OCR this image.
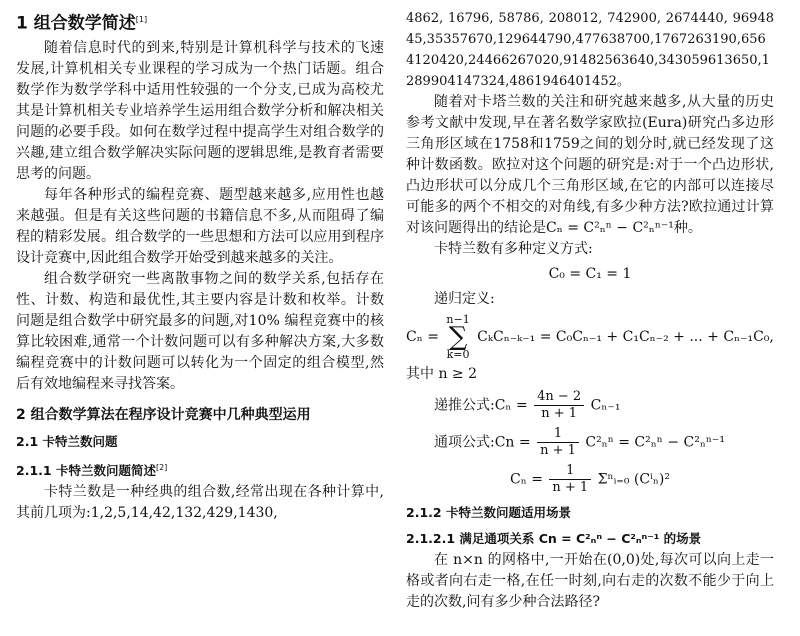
1 组合数学简述[1]

随着信息时代的到来,特别是计算机科学与技术的飞速发展,计算机相关专业课程的学习成为一个热门话题。组合数学作为数学学科中适用性较强的一个分支,已成为高校尤其是计算机相关专业培养学生运用组合数学分析和解决相关问题的必要手段。如何在数学过程中提高学生对组合数学的兴趣,建立组合数学解决实际问题的逻辑思维,是教育者需要思考的问题。

每年各种形式的编程竞赛、题型越来越多,应用性也越来越强。但是有关这些问题的书籍信息不多,从而阻碍了编程的精彩发展。组合数学的一些思想和方法可以应用到程序设计竞赛中,因此组合数学开始受到越来越多的关注。

组合数学研究一些离散事物之间的数学关系,包括存在性、计数、构造和最优性,其主要内容是计数和枚举。计数问题是组合数学中研究最多的问题,对10% 编程竞赛中的核算比较困难,通常一个计数问题可以有多种解决方案,大多数编程竞赛中的计数问题可以转化为一个固定的组合模型,然后有效地编程来寻找答案。

2 组合数学算法在程序设计竞赛中几种典型运用
2.1 卡特兰数问题
2.1.1 卡特兰数问题简述[2]

卡特兰数是一种经典的组合数,经常出现在各种计算中,其前几项为:1,2,5,14,42,132,429,1430,

4862, 16796, 58786, 208012, 742900, 2674440, 9694845,35357670,129644790,477638700,1767263190,6564120420,24466267020,91482563640,343059613650,1289904147324,4861946401452。

随着对卡塔兰数的关注和研究越来越多,从大量的历史参考文献中发现,早在著名数学家欧拉(Eura)研究凸多边形三角形区域在1758和1759之间的划分时,就已经发现了这种计数函数。欧拉对这个问题的研究是:对于一个凸边形状,凸边形状可以分成几个三角形区域,在它的内部可以连接尽可能多的两个不相交的对角线,有多少种方法?欧拉通过计算对该问题得出的结论是Cₙ = C²ₙⁿ − C²ₙⁿ⁻¹种。

卡特兰数有多种定义方式:

C₀ = C₁ = 1
递归定义:
Cₙ = n−1
∑
k=0 CₖCₙ₋ₖ₋₁ = C₀Cₙ₋₁ + C₁Cₙ₋₂ + ... + Cₙ₋₁C₀,
其中 n ≥ 2
递推公式:Cₙ = $\frac{4n - 2}{n + 1} C_{n-1}$
通项公式:Cn = $\frac{1}{n + 1} C^2_n^n = C^2_n^n - C^2_n^{n-1}$
$C_n = \frac{1}{n + 1}$ Σⁿᵢ₌₀ (Cⁱₙ)²
2.1.2 卡特兰数问题适用场景
2.1.2.1 满足通项关系 Cn = C²ₙⁿ − C²ₙⁿ⁻¹ 的场景

在 n×n 的网格中,一开始在(0,0)处,每次可以向上走一格或者向右走一格,在任一时刻,向右走的次数不能少于向上走的次数,问有多少种合法路径?
